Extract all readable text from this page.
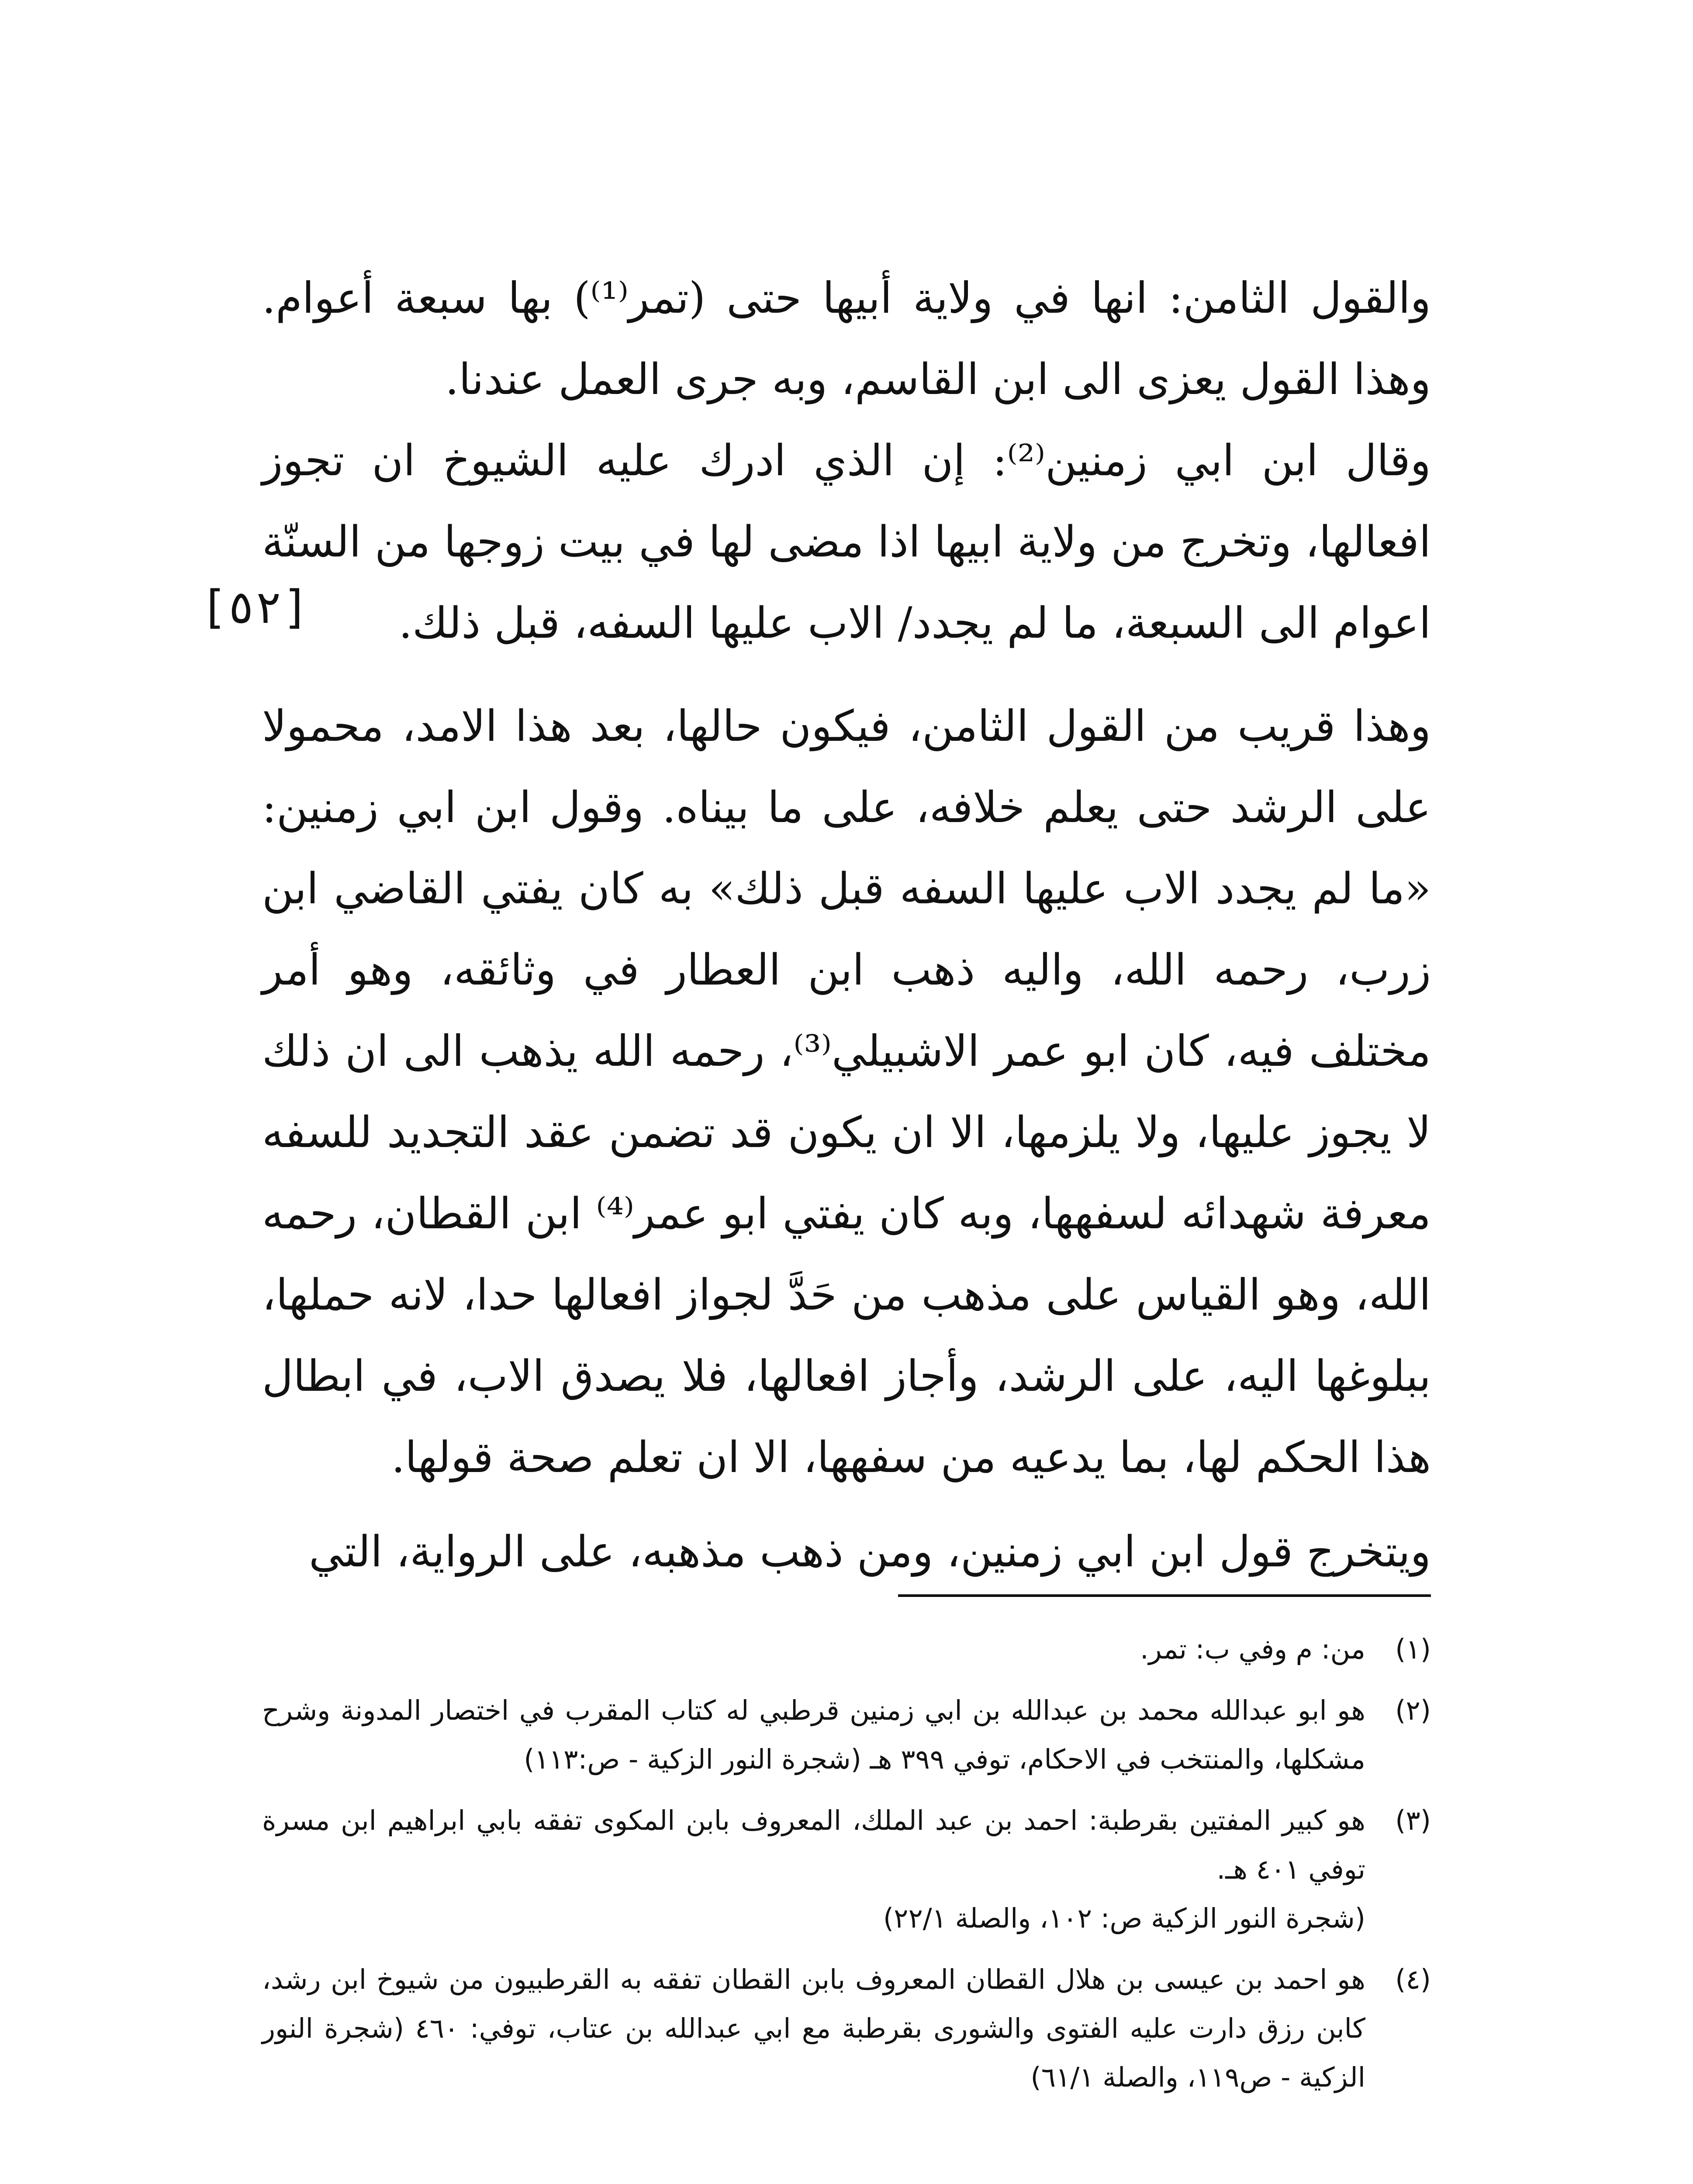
والقول الثامن: انها في ولاية أبيها حتى (تمر⁽¹⁾) بها سبعة أعوام. وهذا القول يعزى الى ابن القاسم، وبه جرى العمل عندنا.

وقال ابن ابي زمنين⁽²⁾: إن الذي ادرك عليه الشيوخ ان تجوز افعالها، وتخرج من ولاية ابيها اذا مضى لها في بيت زوجها من السنّة اعوام الى السبعة، ما لم يجدد/ الاب عليها السفه، قبل ذلك.

وهذا قريب من القول الثامن، فيكون حالها، بعد هذا الامد، محمولا على الرشد حتى يعلم خلافه، على ما بيناه. وقول ابن ابي زمنين: «ما لم يجدد الاب عليها السفه قبل ذلك» به كان يفتي القاضي ابن زرب، رحمه الله، واليه ذهب ابن العطار في وثائقه، وهو أمر مختلف فيه، كان ابو عمر الاشبيلي⁽³⁾، رحمه الله يذهب الى ان ذلك لا يجوز عليها، ولا يلزمها، الا ان يكون قد تضمن عقد التجديد للسفه معرفة شهدائه لسفهها، وبه كان يفتي ابو عمر⁽⁴⁾ ابن القطان، رحمه الله، وهو القياس على مذهب من حَدَّ لجواز افعالها حدا، لانه حملها، ببلوغها اليه، على الرشد، وأجاز افعالها، فلا يصدق الاب، في ابطال هذا الحكم لها، بما يدعيه من سفهها، الا ان تعلم صحة قولها.

ويتخرج قول ابن ابي زمنين، ومن ذهب مذهبه، على الرواية، التي

[٥٢]
(١)
من: م وفي ب: تمر.
(٢)
هو ابو عبدالله محمد بن عبدالله بن ابي زمنين قرطبي له كتاب المقرب في اختصار المدونة وشرح مشكلها، والمنتخب في الاحكام، توفي ٣٩٩ هـ (شجرة النور الزكية - ص:١١٣)
(٣)
هو كبير المفتين بقرطبة: احمد بن عبد الملك، المعروف بابن المكوى تفقه بابي ابراهيم ابن مسرة توفي ٤٠١ هـ.
(شجرة النور الزكية ص: ١٠٢، والصلة ٢٢/١)
(٤)
هو احمد بن عيسى بن هلال القطان المعروف بابن القطان تفقه به القرطبيون من شيوخ ابن رشد، كابن رزق دارت عليه الفتوى والشورى بقرطبة مع ابي عبدالله بن عتاب، توفي: ٤٦٠ (شجرة النور الزكية - ص١١٩، والصلة ٦١/١)
